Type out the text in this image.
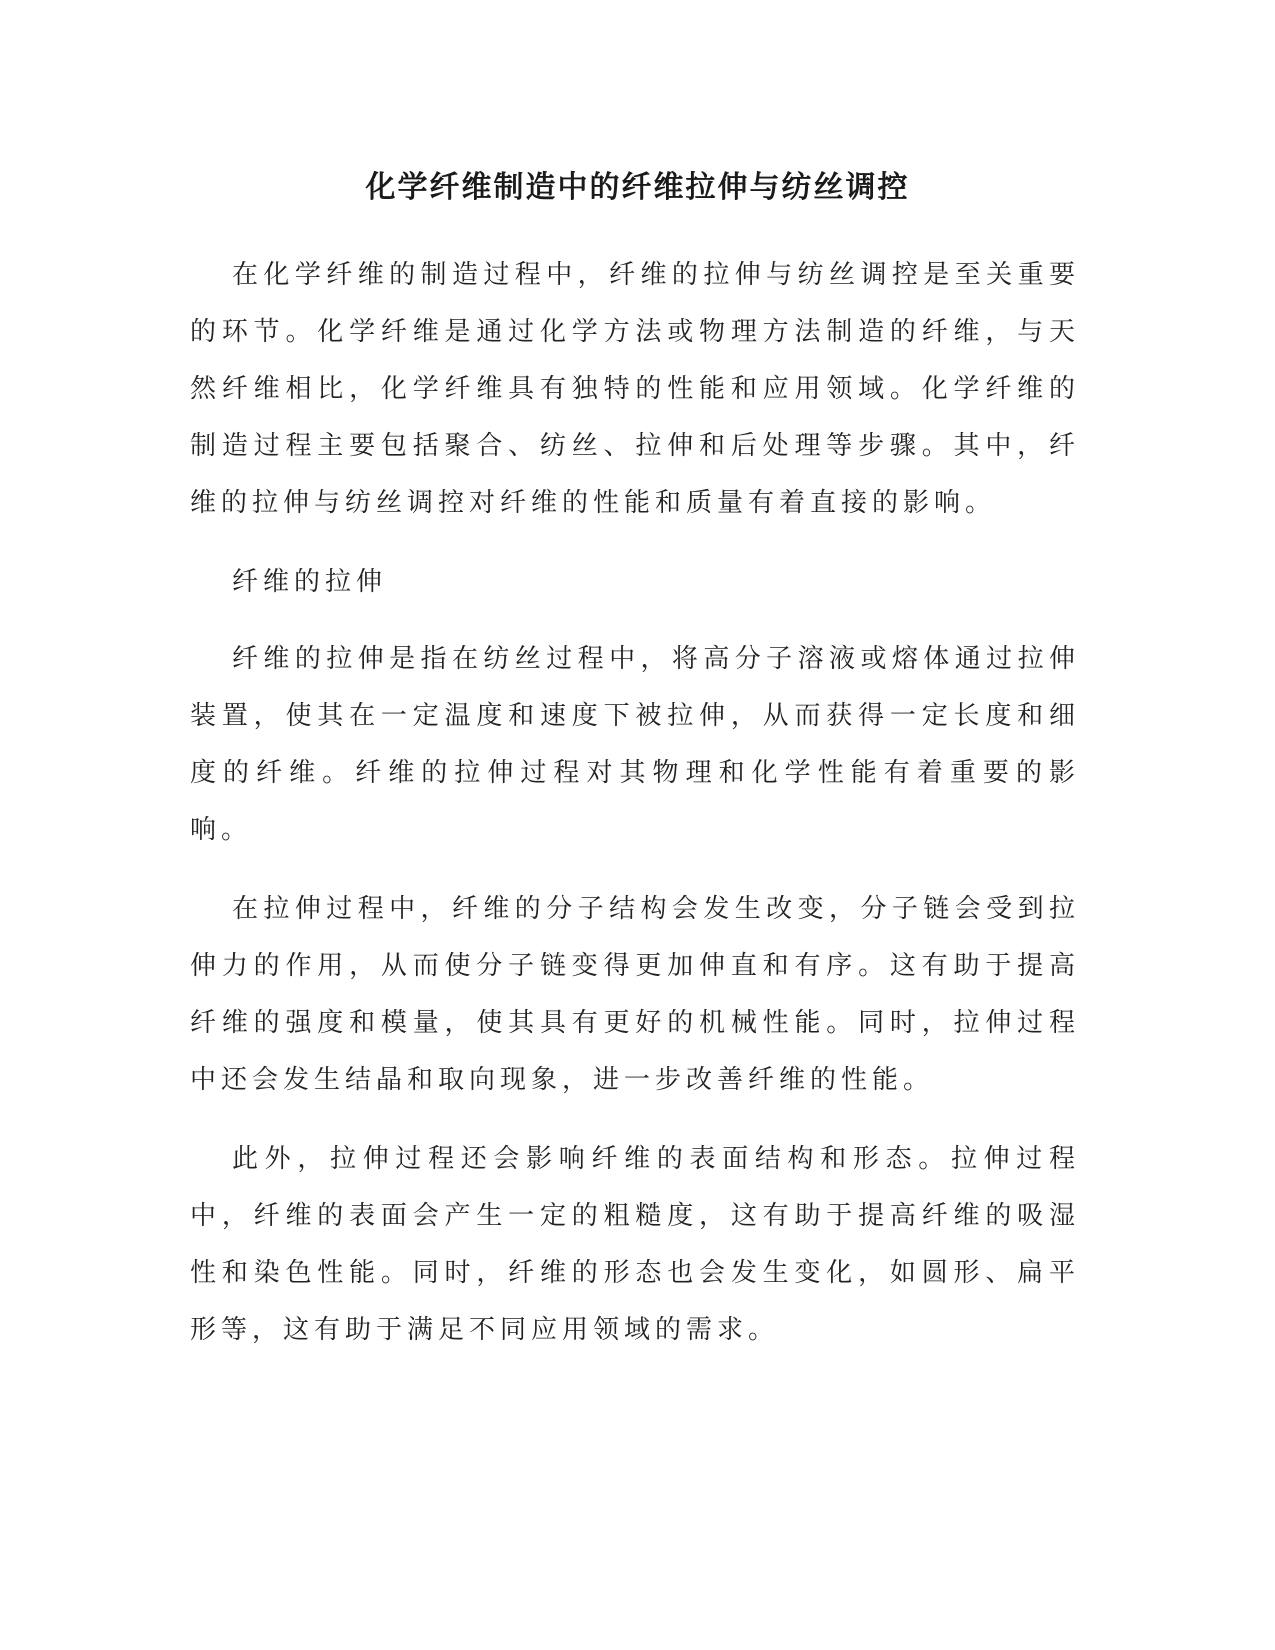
化学纤维制造中的纤维拉伸与纺丝调控

在化学纤维的制造过程中，纤维的拉伸与纺丝调控是至关重要的环节。化学纤维是通过化学方法或物理方法制造的纤维，与天然纤维相比，化学纤维具有独特的性能和应用领域。化学纤维的制造过程主要包括聚合、纺丝、拉伸和后处理等步骤。其中，纤维的拉伸与纺丝调控对纤维的性能和质量有着直接的影响。

纤维的拉伸

纤维的拉伸是指在纺丝过程中，将高分子溶液或熔体通过拉伸装置，使其在一定温度和速度下被拉伸，从而获得一定长度和细度的纤维。纤维的拉伸过程对其物理和化学性能有着重要的影响。

在拉伸过程中，纤维的分子结构会发生改变，分子链会受到拉伸力的作用，从而使分子链变得更加伸直和有序。这有助于提高纤维的强度和模量，使其具有更好的机械性能。同时，拉伸过程中还会发生结晶和取向现象，进一步改善纤维的性能。

此外，拉伸过程还会影响纤维的表面结构和形态。拉伸过程中，纤维的表面会产生一定的粗糙度，这有助于提高纤维的吸湿性和染色性能。同时，纤维的形态也会发生变化，如圆形、扁平形等，这有助于满足不同应用领域的需求。
